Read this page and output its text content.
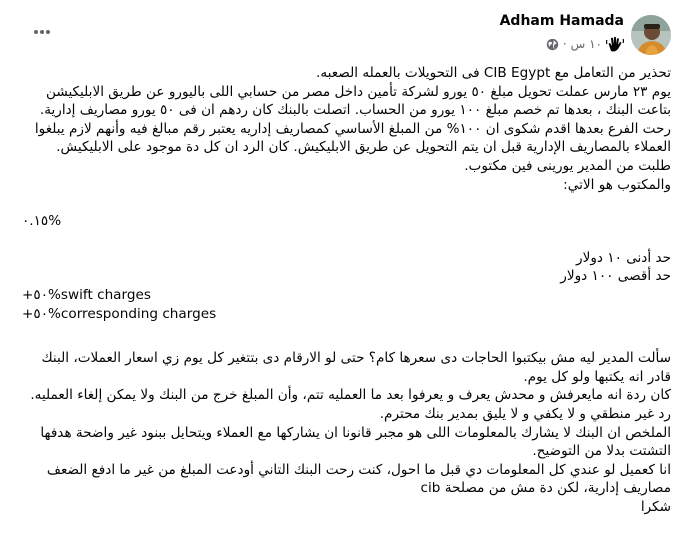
Adham Hamada
· ١٠ س

تحذير من التعامل مع CIB Egypt فى التحويلات بالعمله الصعبه.

يوم ٢٣ مارس عملت تحويل مبلغ ٥٠ يورو لشركة تأمين داخل مصر من حسابي اللى باليورو عن طريق الابليكيشن بتاعت البنك ، بعدها تم خصم مبلغ ١٠٠ يورو من الحساب. اتصلت بالبنك كان ردهم ان فى ٥٠ يورو مصاريف إدارية.

رحت الفرع بعدها اقدم شكوى ان ١٠٠% من المبلغ الأساسي كمصاريف إداريه يعتبر رقم مبالغ فيه وأنهم لازم يبلغوا العملاء بالمصاريف الإدارية قبل ان يتم التحويل عن طريق الابليكيش. كان الرد ان كل دة موجود على الابليكيش.

طلبت من المدير يورينى فين مكتوب.

والمكتوب هو الاتي:

٠.١٥%

حد أدنى ١٠ دولار

حد أقصى ١٠٠ دولار

+٥٠%swift charges

+٥٠%corresponding charges

سألت المدير ليه مش بيكتبوا الحاجات دى سعرها كام؟ حتى لو الارقام دى بتتغير كل يوم زي اسعار العملات، البنك قادر انه يكتبها ولو كل يوم.

كان ردة انه مايعرفش و محدش يعرف و يعرفوا بعد ما العمليه تتم، وأن المبلغ خرج من البنك ولا يمكن إلغاء العمليه.

رد غير منطقي و لا يكفي و لا يليق بمدير بنك محترم.

الملخص ان البنك لا يشارك بالمعلومات اللى هو مجبر قانونا ان يشاركها مع العملاء ويتحايل ببنود غير واضحة هدفها التشتت بدلا من التوضيح.

انا كعميل لو عندي كل المعلومات دي قبل ما احول، كنت رحت البنك التاني أودعت المبلغ من غير ما ادفع الضعف مصاريف إدارية، لكن دة مش من مصلحة cib

شكرا
